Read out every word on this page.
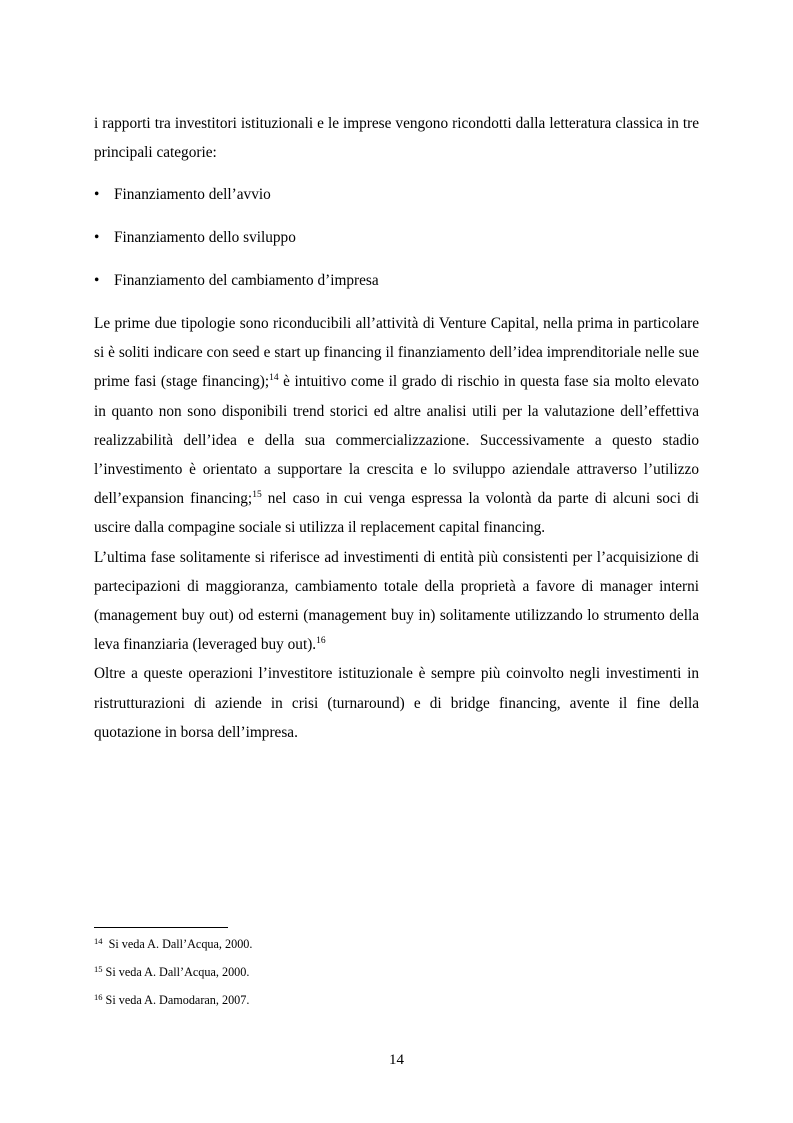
i rapporti tra investitori istituzionali e le imprese vengono ricondotti dalla letteratura classica in tre principali categorie:

• Finanziamento dell’avvio
• Finanziamento dello sviluppo
• Finanziamento del cambiamento d’impresa

Le prime due tipologie sono riconducibili all’attività di Venture Capital, nella prima in particolare si è soliti indicare con seed e start up financing il finanziamento dell’idea imprenditoriale nelle sue prime fasi (stage financing);$^{14}$ è intuitivo come il grado di rischio in questa fase sia molto elevato in quanto non sono disponibili trend storici ed altre analisi utili per la valutazione dell’effettiva realizzabilità dell’idea e della sua commercializzazione. Successivamente a questo stadio l’investimento è orientato a supportare la crescita e lo sviluppo aziendale attraverso l’utilizzo dell’expansion financing;$^{15}$ nel caso in cui venga espressa la volontà da parte di alcuni soci di uscire dalla compagine sociale si utilizza il replacement capital financing.

L’ultima fase solitamente si riferisce ad investimenti di entità più consistenti per l’acquisizione di partecipazioni di maggioranza, cambiamento totale della proprietà a favore di manager interni (management buy out) od esterni (management buy in) solitamente utilizzando lo strumento della leva finanziaria (leveraged buy out).$^{16}$

Oltre a queste operazioni l’investitore istituzionale è sempre più coinvolto negli investimenti in ristrutturazioni di aziende in crisi (turnaround) e di bridge financing, avente il fine della quotazione in borsa dell’impresa.

$^{14}$  Si veda A. Dall’Acqua, 2000.
$^{15}$ Si veda A. Dall’Acqua, 2000.
$^{16}$ Si veda A. Damodaran, 2007.
14
